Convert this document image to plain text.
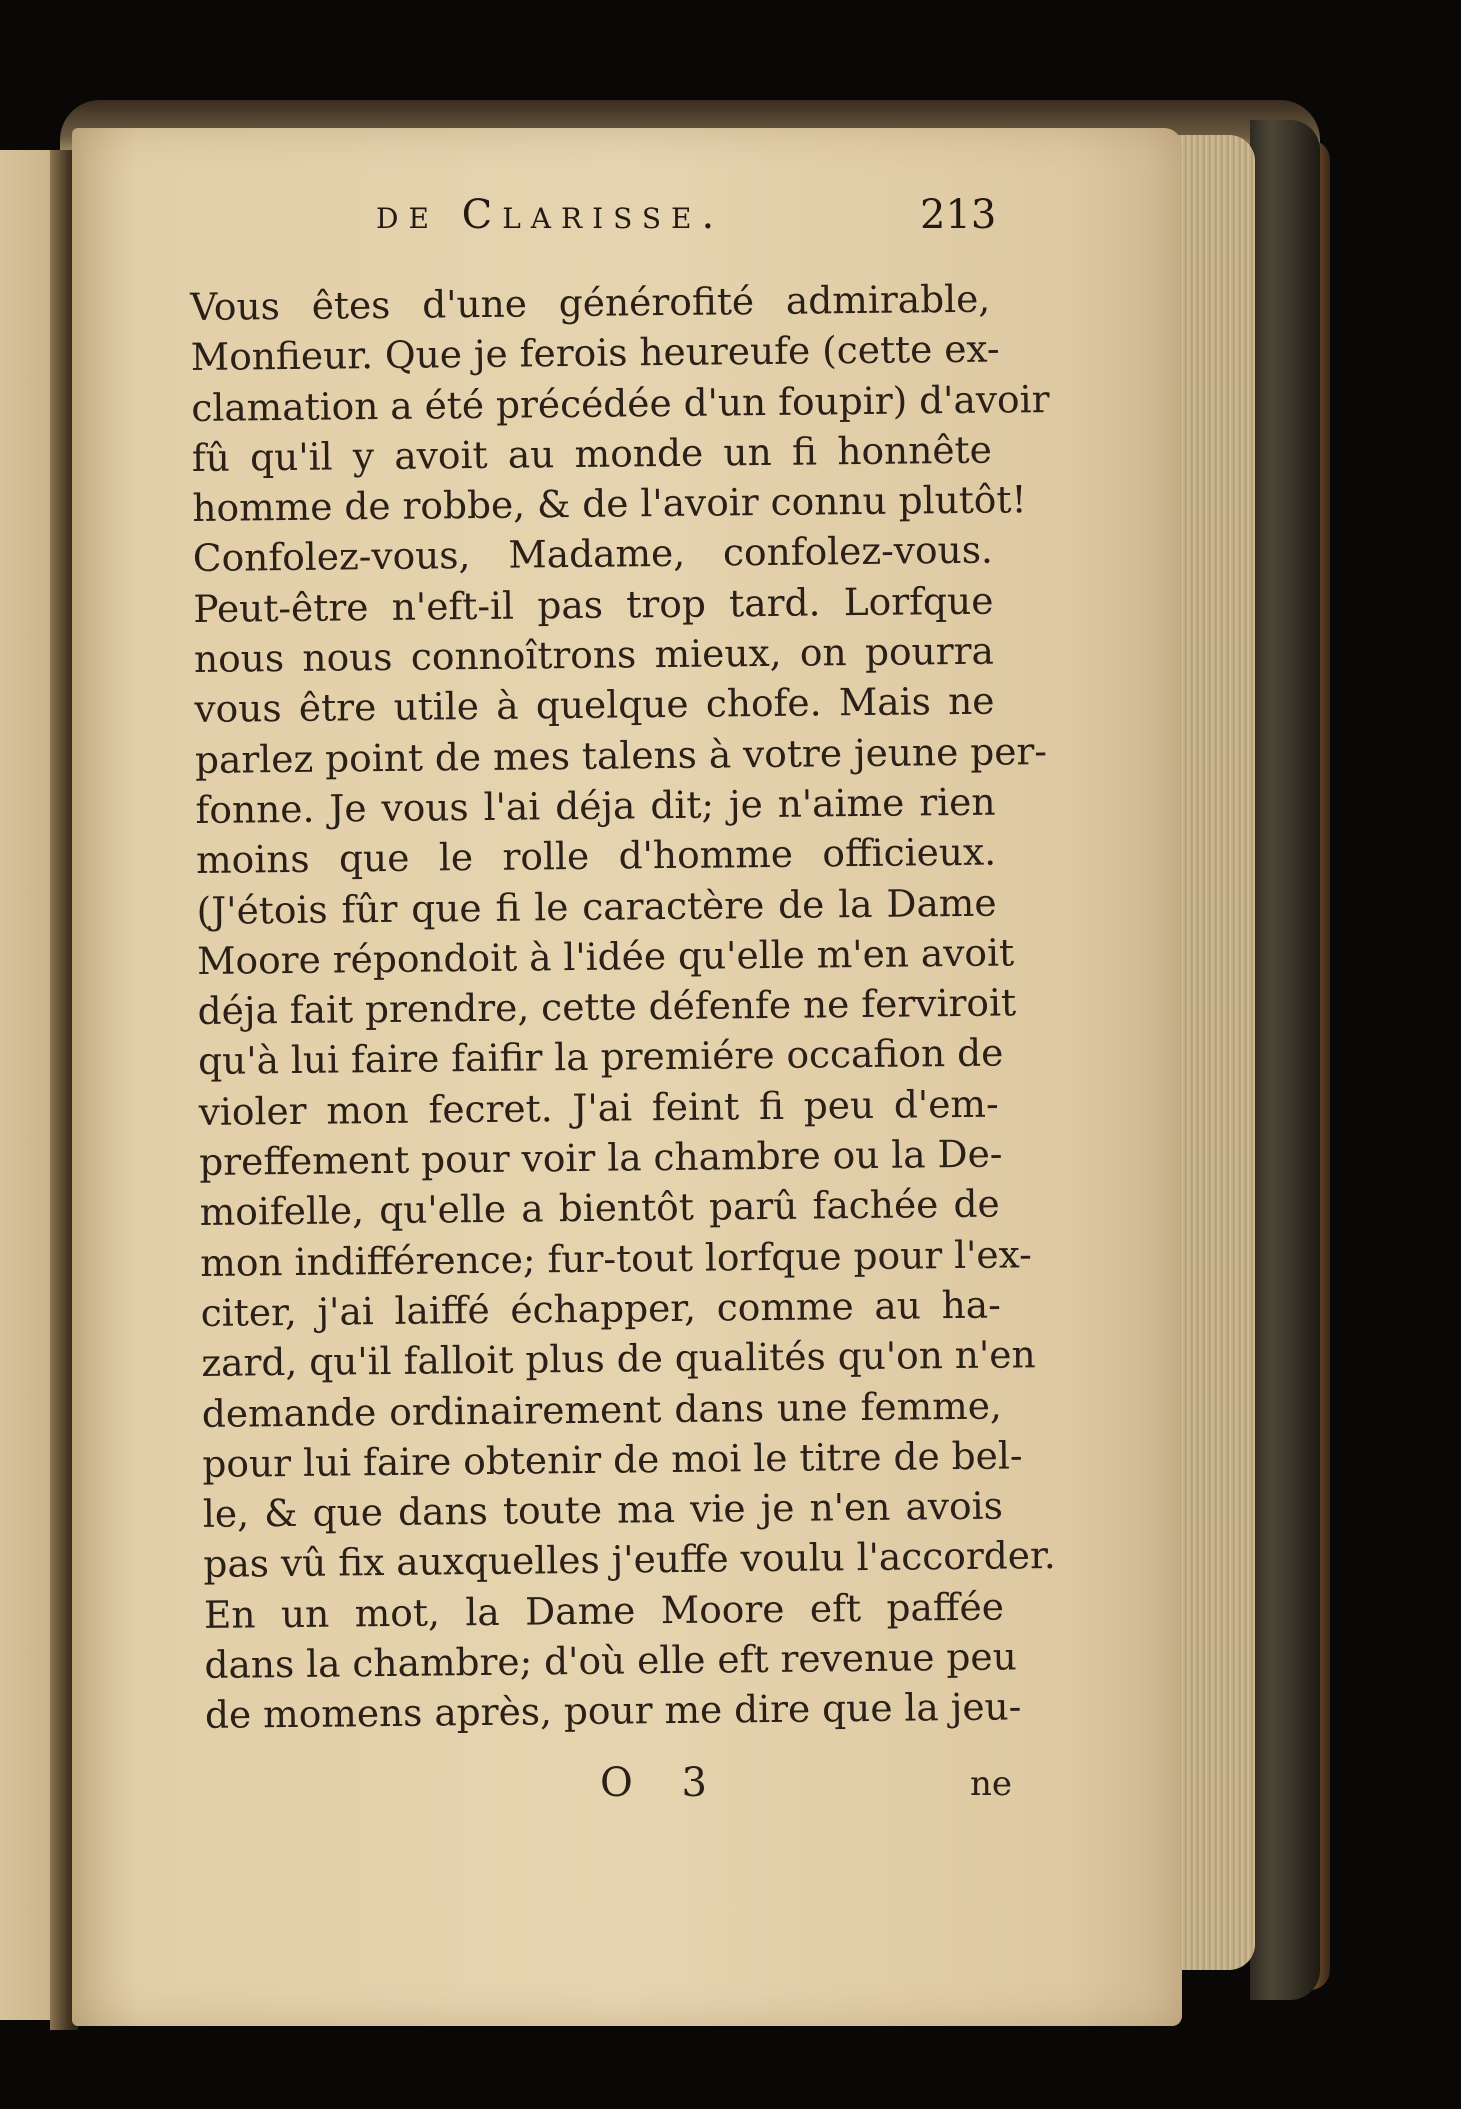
de Clarisse.	213
Vous êtes d'une générofité admirable,
Monfieur. Que je ferois heureufe (cette ex-
clamation a été précédée d'un foupir) d'avoir
fû qu'il y avoit au monde un fi honnête
homme de robbe, & de l'avoir connu plutôt!
Confolez-vous, Madame, confolez-vous.
Peut-être n'eft-il pas trop tard. Lorfque
nous nous connoîtrons mieux, on pourra
vous être utile à quelque chofe. Mais ne
parlez point de mes talens à votre jeune per-
fonne. Je vous l'ai déja dit; je n'aime rien
moins que le rolle d'homme officieux.
(J'étois fûr que fi le caractère de la Dame
Moore répondoit à l'idée qu'elle m'en avoit
déja fait prendre, cette défenfe ne ferviroit
qu'à lui faire faifir la premiére occafion de
violer mon fecret. J'ai feint fi peu d'em-
preffement pour voir la chambre ou la De-
moifelle, qu'elle a bientôt parû fachée de
mon indifférence; fur-tout lorfque pour l'ex-
citer, j'ai laiffé échapper, comme au ha-
zard, qu'il falloit plus de qualités qu'on n'en
demande ordinairement dans une femme,
pour lui faire obtenir de moi le titre de bel-
le, & que dans toute ma vie je n'en avois
pas vû fix auxquelles j'euffe voulu l'accorder.
En un mot, la Dame Moore eft paffée
dans la chambre; d'où elle eft revenue peu
de momens après, pour me dire que la jeu-
O 3	ne
